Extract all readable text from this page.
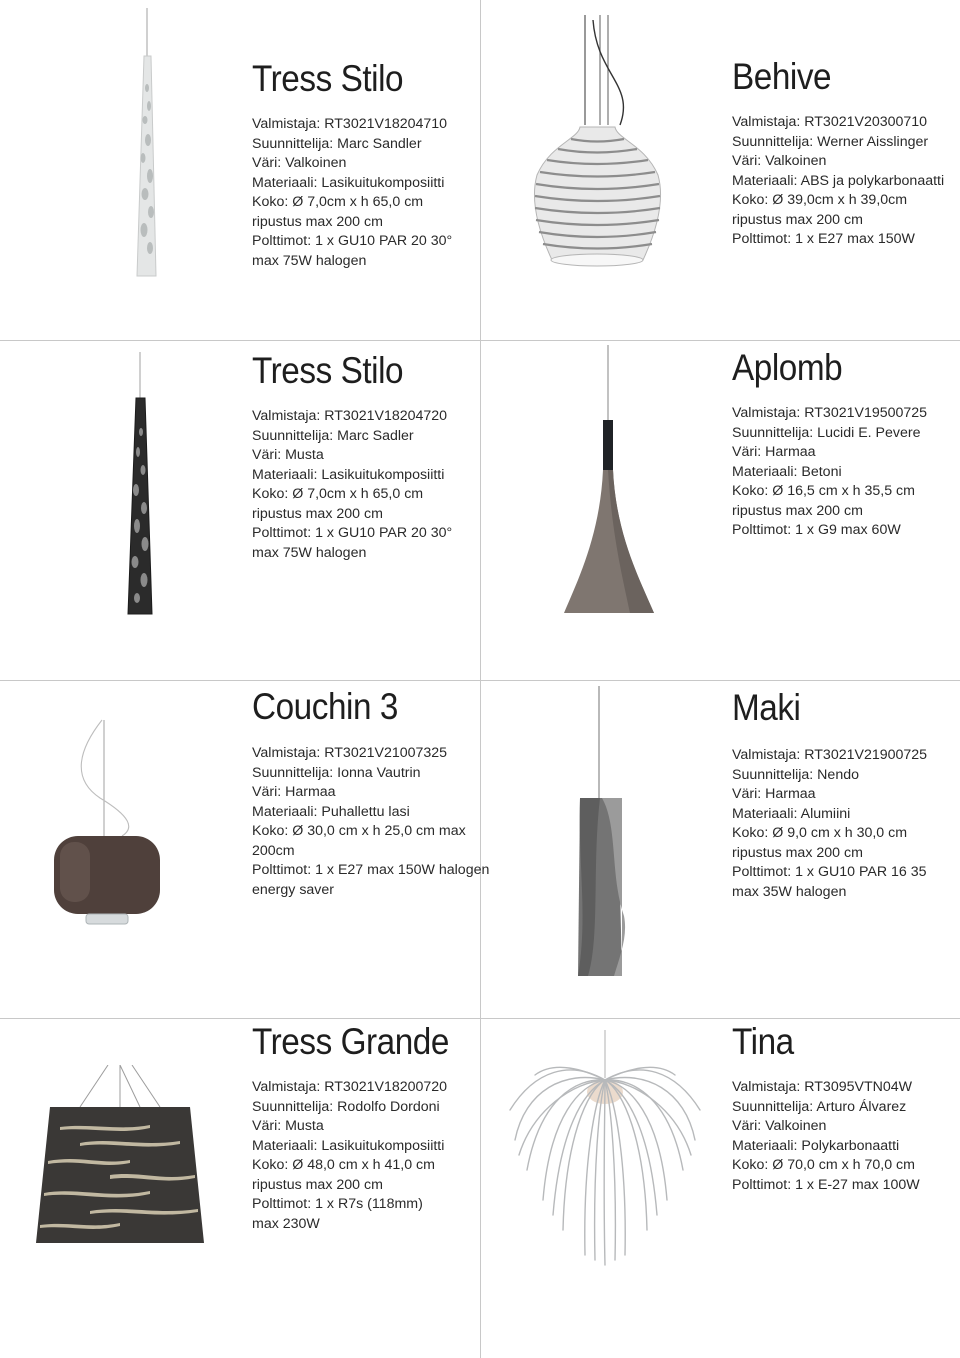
Tress Stilo
Valmistaja: RT3021V18204710
Suunnittelija: Marc Sandler
Väri: Valkoinen
Materiaali: Lasikuitukomposiitti
Koko: Ø 7,0cm x h 65,0 cm
ripustus max 200 cm
Polttimot: 1 x GU10 PAR 20 30°
max 75W halogen
Behive
Valmistaja: RT3021V20300710
Suunnittelija: Werner Aisslinger
Väri: Valkoinen
Materiaali: ABS ja polykarbonaatti
Koko: Ø 39,0cm x h 39,0cm
ripustus max 200 cm
Polttimot: 1 x E27 max 150W
Tress Stilo
Valmistaja: RT3021V18204720
Suunnittelija: Marc Sadler
Väri: Musta
Materiaali: Lasikuitukomposiitti
Koko: Ø 7,0cm x h 65,0 cm
ripustus max 200 cm
Polttimot: 1 x GU10 PAR 20 30°
max 75W halogen
Aplomb
Valmistaja: RT3021V19500725
Suunnittelija: Lucidi E. Pevere
Väri: Harmaa
Materiaali: Betoni
Koko: Ø 16,5 cm x h 35,5 cm
ripustus max 200 cm
Polttimot: 1 x G9 max 60W
Couchin 3
Valmistaja: RT3021V21007325
Suunnittelija: Ionna Vautrin
Väri: Harmaa
Materiaali: Puhallettu lasi
Koko: Ø 30,0 cm x h 25,0 cm max
200cm
Polttimot: 1 x E27 max 150W halogen
energy saver
Maki
Valmistaja: RT3021V21900725
Suunnittelija: Nendo
Väri: Harmaa
Materiaali: Alumiini
Koko: Ø 9,0 cm x h 30,0 cm
ripustus max 200 cm
Polttimot: 1 x GU10 PAR 16 35
max 35W halogen
Tress Grande
Valmistaja: RT3021V18200720
Suunnittelija: Rodolfo Dordoni
Väri: Musta
Materiaali: Lasikuitukomposiitti
Koko: Ø 48,0 cm x h 41,0 cm
ripustus max 200 cm
Polttimot: 1 x R7s (118mm)
max 230W
Tina
Valmistaja: RT3095VTN04W
Suunnittelija: Arturo Álvarez
Väri: Valkoinen
Materiaali: Polykarbonaatti
Koko: Ø 70,0 cm x h 70,0 cm
Polttimot: 1 x E-27 max 100W
